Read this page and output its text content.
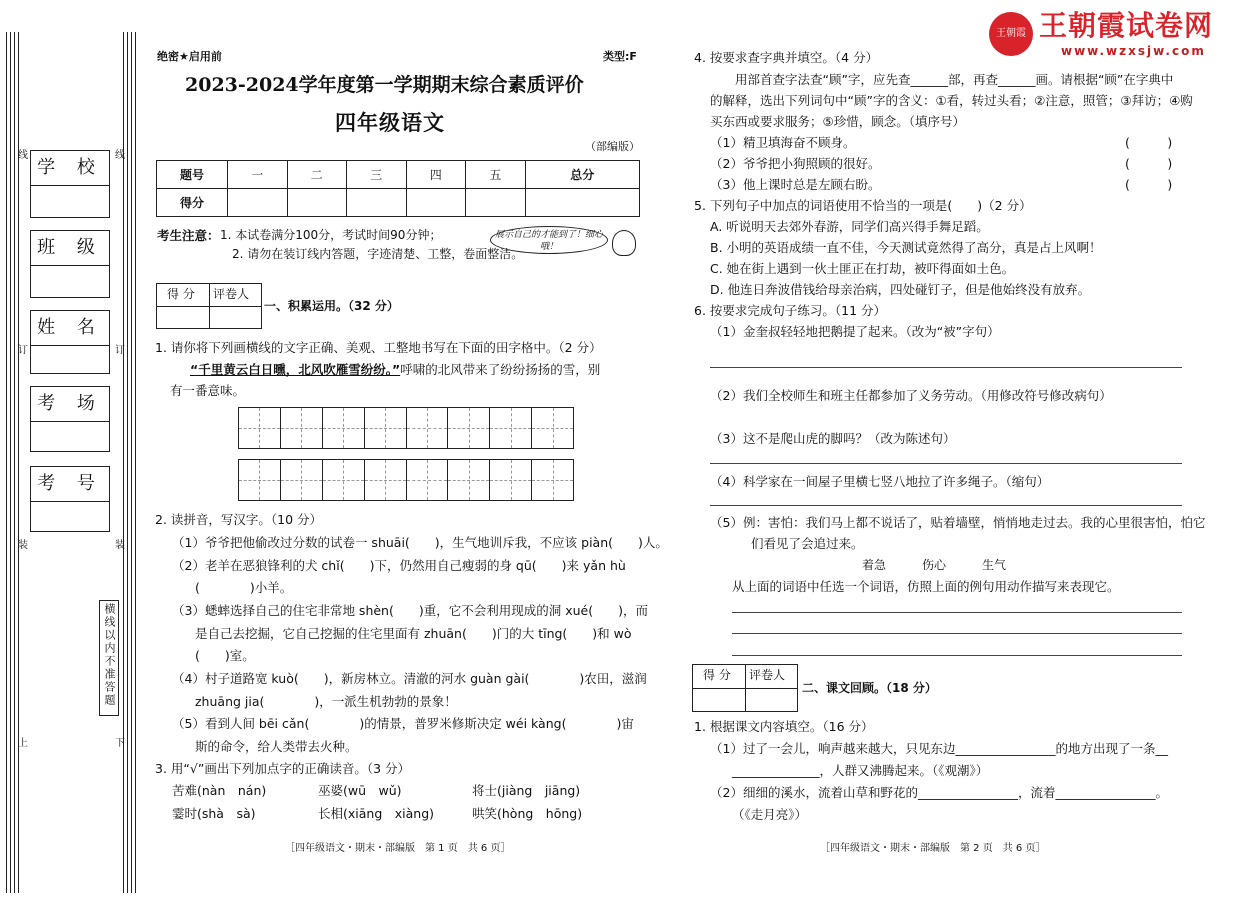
王朝霞 王朝霞试卷网
www.wzxsjw.com
学 校
班 级
姓 名
考 场
考 号
横线以内不准答题
线	线
订	订
装	装
上	下
绝密★启用前	类型:F
2023-2024学年度第一学期期末综合素质评价
四年级语文
（部编版）
题号	一	二	三	四	五	总分
得分						
考生注意： 1. 本试卷满分100分，考试时间90分钟；
2. 请勿在装订线内答题，字迹清楚、工整，卷面整洁。
展示自己的才能到了！细心哦！
得 分 评卷人
一、积累运用。（32 分）
1. 请你将下列画横线的文字正确、美观、工整地书写在下面的田字格中。（2 分）
“千里黄云白日曛，北风吹雁雪纷纷。”呼啸的北风带来了纷纷扬扬的雪，别
有一番意味。
2. 读拼音，写汉字。（10 分）
（1）爷爷把他偷改过分数的试卷一 shuāi(　　)，生气地训斥我，不应该 piàn(　　)人。
（2）老羊在恶狼锋利的犬 chǐ(　　)下，仍然用自己瘦弱的身 qū(　　)来 yǎn hù
(　　　　)小羊。
（3）蟋蟀选择自己的住宅非常地 shèn(　　)重，它不会利用现成的洞 xué(　　)，而
是自己去挖掘，它自己挖掘的住宅里面有 zhuān(　　)门的大 tīng(　　)和 wò
(　　)室。
（4）村子道路宽 kuò(　　)，新房林立。清澈的河水 guàn gài(　　　　)农田，滋润
zhuāng jia(　　　　)，一派生机勃勃的景象！
（5）看到人间 bēi cǎn(　　　　)的情景，普罗米修斯决定 wéi kàng(　　　　)宙
斯的命令，给人类带去火种。
3. 用“√”画出下列加点字的正确读音。（3 分）
苦难(nàn　nán)	巫婆(wū　wǔ)	将士(jiàng　jiāng)
霎时(shà　sà)	长相(xiāng　xiàng)	哄笑(hòng　hōng)
［四年级语文・期末・部编版　第 1 页　共 6 页］
4. 按要求查字典并填空。（4 分）
用部首查字法查“顾”字，应先查______部，再查______画。请根据“顾”在字典中
的解释，选出下列词句中“顾”字的含义：①看，转过头看；②注意，照管；③拜访；④购
买东西或要求服务；⑤珍惜，顾念。（填序号）
（1）精卫填海奋不顾身。	(　　　)
（2）爷爷把小狗照顾的很好。	(　　　)
（3）他上课时总是左顾右盼。	(　　　)
5. 下列句子中加点的词语使用不恰当的一项是(　　)（2 分）
A. 听说明天去郊外春游，同学们高兴得手舞足蹈。
B. 小明的英语成绩一直不佳，今天测试竟然得了高分，真是占上风啊！
C. 她在街上遇到一伙土匪正在打劫，被吓得面如土色。
D. 他连日奔波借钱给母亲治病，四处碰钉子，但是他始终没有放弃。
6. 按要求完成句子练习。（11 分）
（1）金奎叔轻轻地把鹅提了起来。（改为“被”字句）
（2）我们全校师生和班主任都参加了义务劳动。（用修改符号修改病句）
（3）这不是爬山虎的脚吗？（改为陈述句）
（4）科学家在一间屋子里横七竖八地拉了许多绳子。（缩句）
（5）例：害怕：我们马上都不说话了，贴着墙壁，悄悄地走过去。我的心里很害怕，怕它
们看见了会追过来。
着急　　　伤心　　　生气
从上面的词语中任选一个词语，仿照上面的例句用动作描写来表现它。
得 分 评卷人
二、课文回顾。（18 分）
1. 根据课文内容填空。（16 分）
（1）过了一会儿，响声越来越大，只见东边________________的地方出现了一条__
______________，人群又沸腾起来。（《观潮》）
（2）细细的溪水，流着山草和野花的________________，流着________________。
（《走月亮》）
［四年级语文・期末・部编版　第 2 页　共 6 页］
